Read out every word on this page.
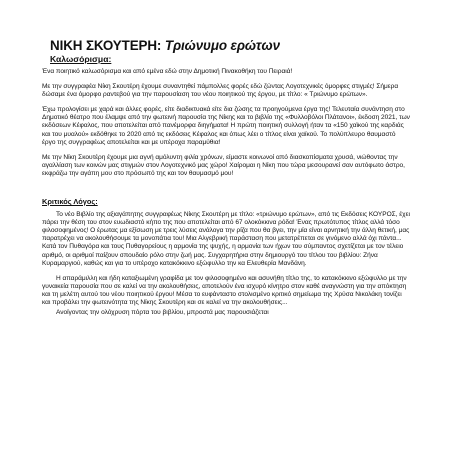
ΝΙΚΗ ΣΚΟΥΤΕΡΗ: Τριώνυμο ερώτων
Καλωσόρισμα:

Ένα ποιητικό καλωσόρισμα και από εμένα εδώ στην Δημοτική Πινακοθήκη του Πειραιά!

Με την συγγραφέα Νίκη Σκουτέρη έχουμε συναντηθεί πάμπολλες φορές εδώ ζώντας Λογοτεχνικές όμορφες στιγμές! Σήμερα δώσαμε ένα όμορφο ραντεβού για την παρουσίαση του νέου ποιητικού της έργου, με τίτλο: « Τριώνυμο ερώτων».

Έχω προλογίσει με χαρά και άλλες φορές, είτε διαδικτυακά είτε δια ζώσης τα προηγούμενα έργα της! Τελευταία συνάντηση στο Δημοτικό θέατρο που έλαμψε από την φωτεινή παρουσία της Νίκης και το βιβλίο της «Φυλλοβόλοι Πλάτανοι», έκδοση 2021, των εκδόσεων Κέφαλος, που αποτελείται από πανέμορφα διηγήματα! Η πρώτη ποιητική συλλογή ήταν τα «150 χαϊκού της καρδιάς και του μυαλού» εκδόθηκε το 2020 από τις εκδόσεις Κέφαλος και όπως λέει ο τίτλος είναι χαϊκού. Το πολύπλευρο θαυμαστό έργο της συγγραφέως αποτελείται και με υπέροχα παραμύθια!

Με την Νίκη Σκουτέρη έχουμε μια αγνή αμόλυντη φιλία χρόνων, είμαστε κοινωνοί από διασκοπίσματα χρυσά, νιώθοντας την αγαλλίαση των κοινών μας στιγμών στον Λογοτεχνικό μας χώρο! Χαίρομαι η Νίκη που τώρα μεσουρανεί σαν αυτόφωτο άστρο, εκφράζω την αγάπη μου στο πρόσωπό της και τον θαυμασμό μου!

Κριτικός Λόγος:

Το νέο Βιβλίο της αξιαγάπητης συγγραφέως Νίκης Σκουτέρη με τίτλο: «τριώνυμο ερώτων», από τις Εκδόσεις ΚΟΥΡΟΣ, έχει πάρει την θέση του στον ευωδιαστό κήπο της που αποτελείται από 67 ολοκόκκινα ρόδα! Ένας πρωτότυπος τίτλος αλλά τόσο φιλοσοφημένος! Ο έρωτας μα εξίσωση με τρεις λύσεις ανάλογα την ρίζα που θα βγει, την μία είναι αρνητική την άλλη θετική, μας παρατρέχει να ακολουθήσουμε τα μονοπάτια του! Μια Αλγεβρική παράσταση που μετατρέπεται σε γινόμενο αλλά όχι πάντα... Κατά τον Πυθαγόρα και τους Πυθαγορείους η αρμονία της ψυχής, η αρμονία των ήχων του σύμπαντος σχετίζεται με τον τέλειο αριθμό, οι αριθμοί παίζουν σπουδαίο ρόλο στην ζωή μας. Συγχαρητήρια στην δημιουργό του τίτλου του βιβλίου: Ζήνα Κυραμαργιού, καθώς και για το υπέροχο κατακόκκινο εξώφυλλο την κα Ελευθερία Μανδάνη.

Η απαράμιλλη και ήδη καταξιωμένη γραφίδα με τον φιλοσοφημένο και ασυνήθη τίτλο της, το κατακόκκινο εξώφυλλο με την γυναικεία παρουσία που σε καλεί να την ακολουθήσεις, αποτελούν ένα ισχυρό κίνητρο στον καθέ αναγνώστη για την απόκτηση και τη μελέτη αυτού του νέου ποιητικού έργου! Μέσα το ευφάνταστο στολισμένο κριτικό σημείωμα της Χρύσα Νικολάκη τονίζει και προβάλει την φωτεινότητα της Νίκης Σκουτέρη και σε καλεί να την ακολουθήσεις...

Ανοίγοντας την ολόχρυση πόρτα του βιβλίου, μπροστά μας παρουσιάζεται
